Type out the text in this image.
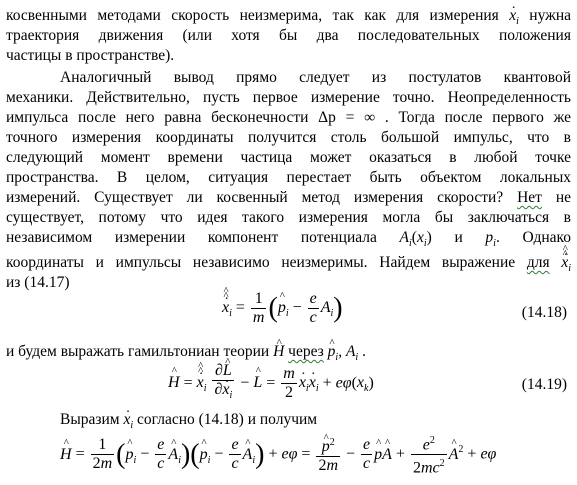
косвенными методами скорость неизмерима, так как для измерения . $x_i$ нужна
траектория движения (или хотя бы два последовательных положения
частицы в пространстве).
Аналогичный вывод прямо следует из постулатов квантовой
механики. Действительно, пусть первое измерение точно. Неопределенность
импульса после него равна бесконечности Δp = ∞ . Тогда после первого же
точного измерения координаты получится столь большой импульс, что в
следующий момент времени частица может оказаться в любой точке
пространства. В целом, ситуация перестает быть объектом локальных
измерений. Существует ли косвенный метод измерения скорости? Нет не
существует, потому что идея такого измерения могла бы заключаться в
независимом измерении компонент потенциала $A_i(x_i)$ и $p_i$. Однако
координаты и импульсы независимо неизмеримы. Найдем выражение для ^ . x $\^{}_i$
из (14.17)
^ . x $\^{}_i = \frac{1}{m}$ (^ $p_i - \frac{e}{c} A_i$)	(14.18)
и будем выражать гамильтониан теории ^ H через ^ $p_i$, $A_i$ .
^ H = ^ . x $\^{}_i \frac{\partial\^{} L}{\partial. x_i}$ − ^ $L = \frac{m}{2}$ . $x_i$. $x_i + e\varphi(x_k)$	(14.19)
Выразим . $x_i$ согласно (14.18) и получим
^ $H = \frac{1}{2m}$ (^ $p_i - \frac{e}{c}$ ^ $A_i)(\^{}$ $p_i - \frac{e}{c}$ ^ $A_i) + e\varphi$ = ^ $\frac{p^2}{2m} - \frac{e}{c}$ ^ p^ $A + \frac{e^2}{2mc^2}$ ^ $A^2 + e\varphi$
